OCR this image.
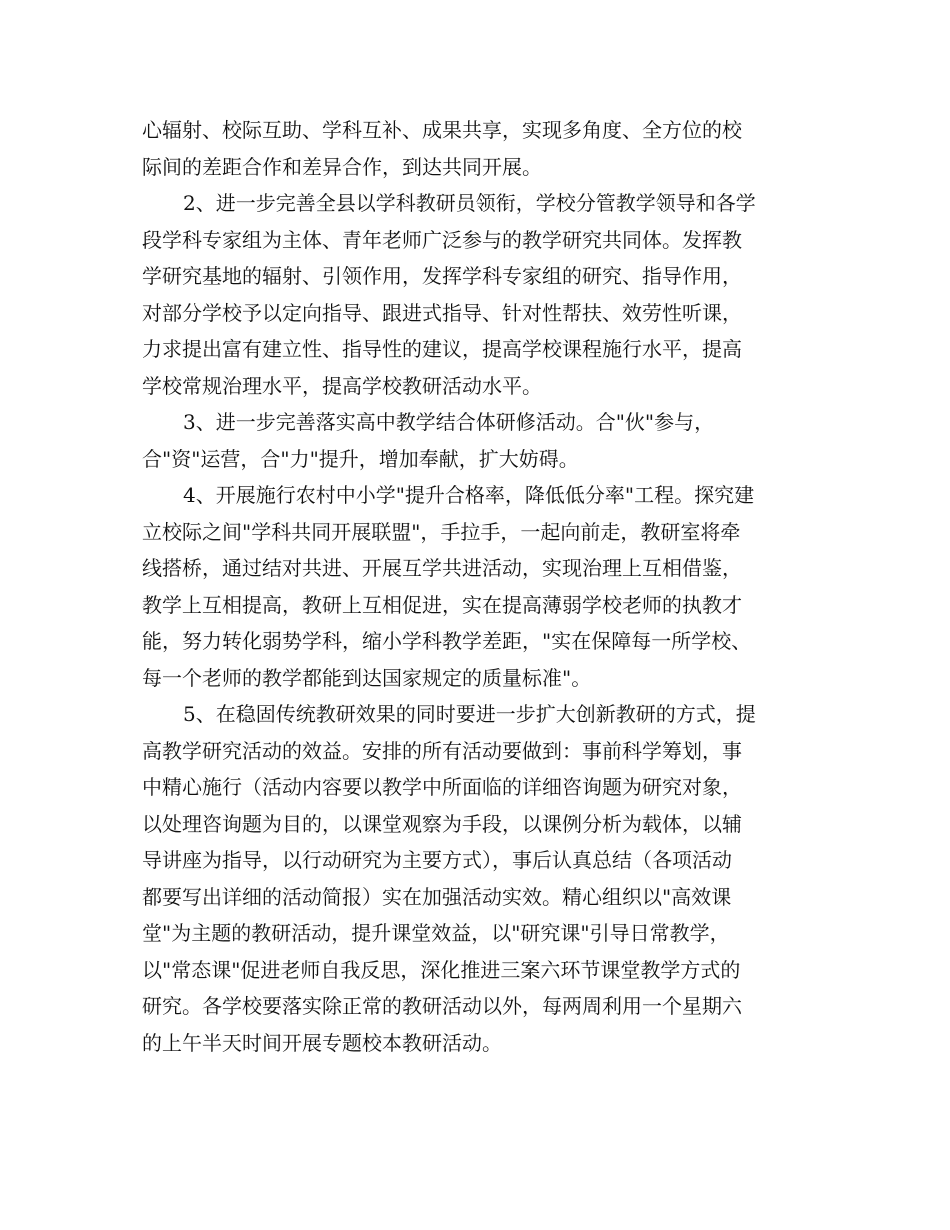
心辐射、校际互助、学科互补、成果共享，实现多角度、全方位的校
际间的差距合作和差异合作，到达共同开展。
2、进一步完善全县以学科教研员领衔，学校分管教学领导和各学
段学科专家组为主体、青年老师广泛参与的教学研究共同体。发挥教
学研究基地的辐射、引领作用，发挥学科专家组的研究、指导作用，
对部分学校予以定向指导、跟进式指导、针对性帮扶、效劳性听课，
力求提出富有建立性、指导性的建议，提高学校课程施行水平，提高
学校常规治理水平，提高学校教研活动水平。
3、进一步完善落实高中教学结合体研修活动。合"伙"参与，
合"资"运营，合"力"提升，增加奉献，扩大妨碍。
4、开展施行农村中小学"提升合格率，降低低分率"工程。探究建
立校际之间"学科共同开展联盟"，手拉手，一起向前走，教研室将牵
线搭桥，通过结对共进、开展互学共进活动，实现治理上互相借鉴，
教学上互相提高，教研上互相促进，实在提高薄弱学校老师的执教才
能，努力转化弱势学科，缩小学科教学差距，"实在保障每一所学校、
每一个老师的教学都能到达国家规定的质量标准"。
5、在稳固传统教研效果的同时要进一步扩大创新教研的方式，提
高教学研究活动的效益。安排的所有活动要做到：事前科学筹划，事
中精心施行（活动内容要以教学中所面临的详细咨询题为研究对象，
以处理咨询题为目的，以课堂观察为手段，以课例分析为载体，以辅
导讲座为指导，以行动研究为主要方式），事后认真总结（各项活动
都要写出详细的活动简报）实在加强活动实效。精心组织以"高效课
堂"为主题的教研活动，提升课堂效益，以"研究课"引导日常教学，
以"常态课"促进老师自我反思，深化推进三案六环节课堂教学方式的
研究。各学校要落实除正常的教研活动以外，每两周利用一个星期六
的上午半天时间开展专题校本教研活动。
